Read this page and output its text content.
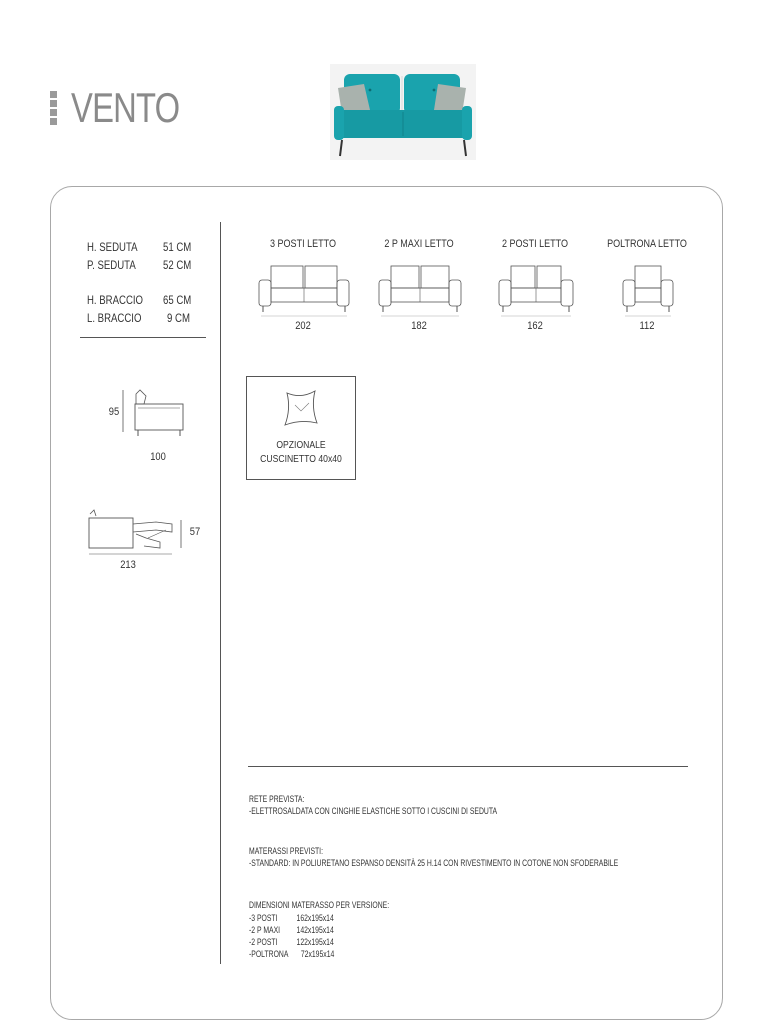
VENTO
H. SEDUTA 51 CM
P. SEDUTA 52 CM
H. BRACCIO 65 CM
L. BRACCIO 9 CM
95
100
57
213
3 POSTI LETTO
202
2 P MAXI LETTO
182
2 POSTI LETTO
162
POLTRONA LETTO
112
OPZIONALE
CUSCINETTO 40x40
RETE PREVISTA:
-ELETTROSALDATA CON CINGHIE ELASTICHE SOTTO I CUSCINI DI SEDUTA
MATERASSI PREVISTI:
-STANDARD: IN POLIURETANO ESPANSO DENSITÀ 25 H.14 CON RIVESTIMENTO IN COTONE NON SFODERABILE
DIMENSIONI MATERASSO PER VERSIONE:
-3 POSTI 162x195x14
-2 P MAXI 142x195x14
-2 POSTI 122x195x14
-POLTRONA 72x195x14
